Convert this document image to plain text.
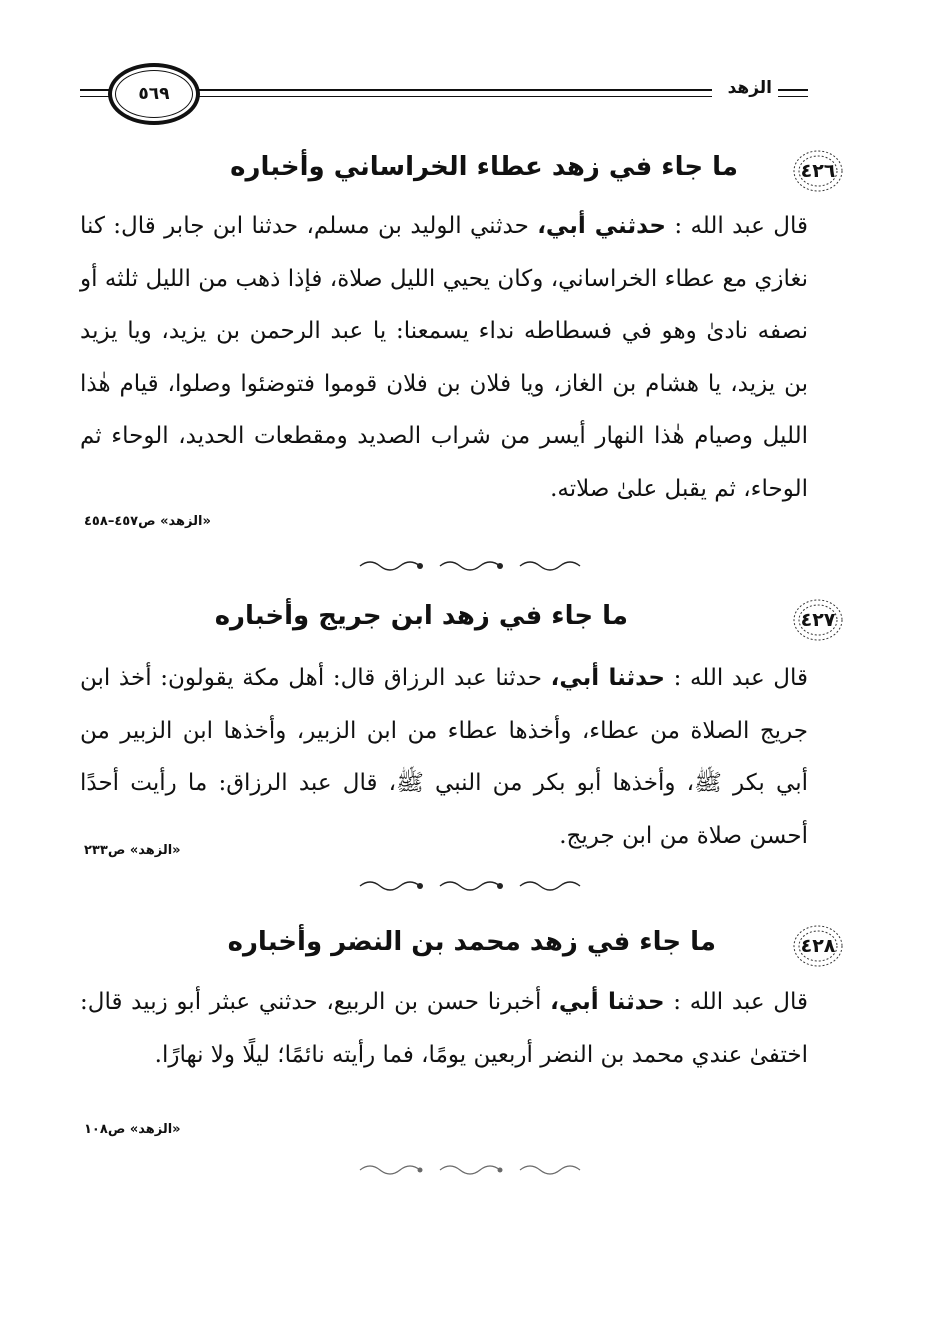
٥٦٩	الزهد
٤٢٦
ما جاء في زهد عطاء الخراساني وأخباره
قال عبد الله : حدثني أبي، حدثني الوليد بن مسلم، حدثنا ابن جابر قال: كنا نغازي مع عطاء الخراساني، وكان يحيي الليل صلاة، فإذا ذهب من الليل ثلثه أو نصفه نادىٰ وهو في فسطاطه نداء يسمعنا: يا عبد الرحمن بن يزيد، ويا يزيد بن يزيد، يا هشام بن الغاز، ويا فلان بن فلان قوموا فتوضئوا وصلوا، قيام هٰذا الليل وصيام هٰذا النهار أيسر من شراب الصديد ومقطعات الحديد، الوحاء ثم الوحاء، ثم يقبل علىٰ صلاته.
«الزهد» ص٤٥٧–٤٥٨
٤٢٧
ما جاء في زهد ابن جريج وأخباره
قال عبد الله : حدثنا أبي، حدثنا عبد الرزاق قال: أهل مكة يقولون: أخذ ابن جريج الصلاة من عطاء، وأخذها عطاء من ابن الزبير، وأخذها ابن الزبير من أبي بكر ﷺ، وأخذها أبو بكر من النبي ﷺ، قال عبد الرزاق: ما رأيت أحدًا أحسن صلاة من ابن جريج.
«الزهد» ص٢٣٣
٤٢٨
ما جاء في زهد محمد بن النضر وأخباره
قال عبد الله : حدثنا أبي، أخبرنا حسن بن الربيع، حدثني عبثر أبو زبيد قال: اختفىٰ عندي محمد بن النضر أربعين يومًا، فما رأيته نائمًا؛ ليلًا ولا نهارًا.
«الزهد» ص١٠٨
